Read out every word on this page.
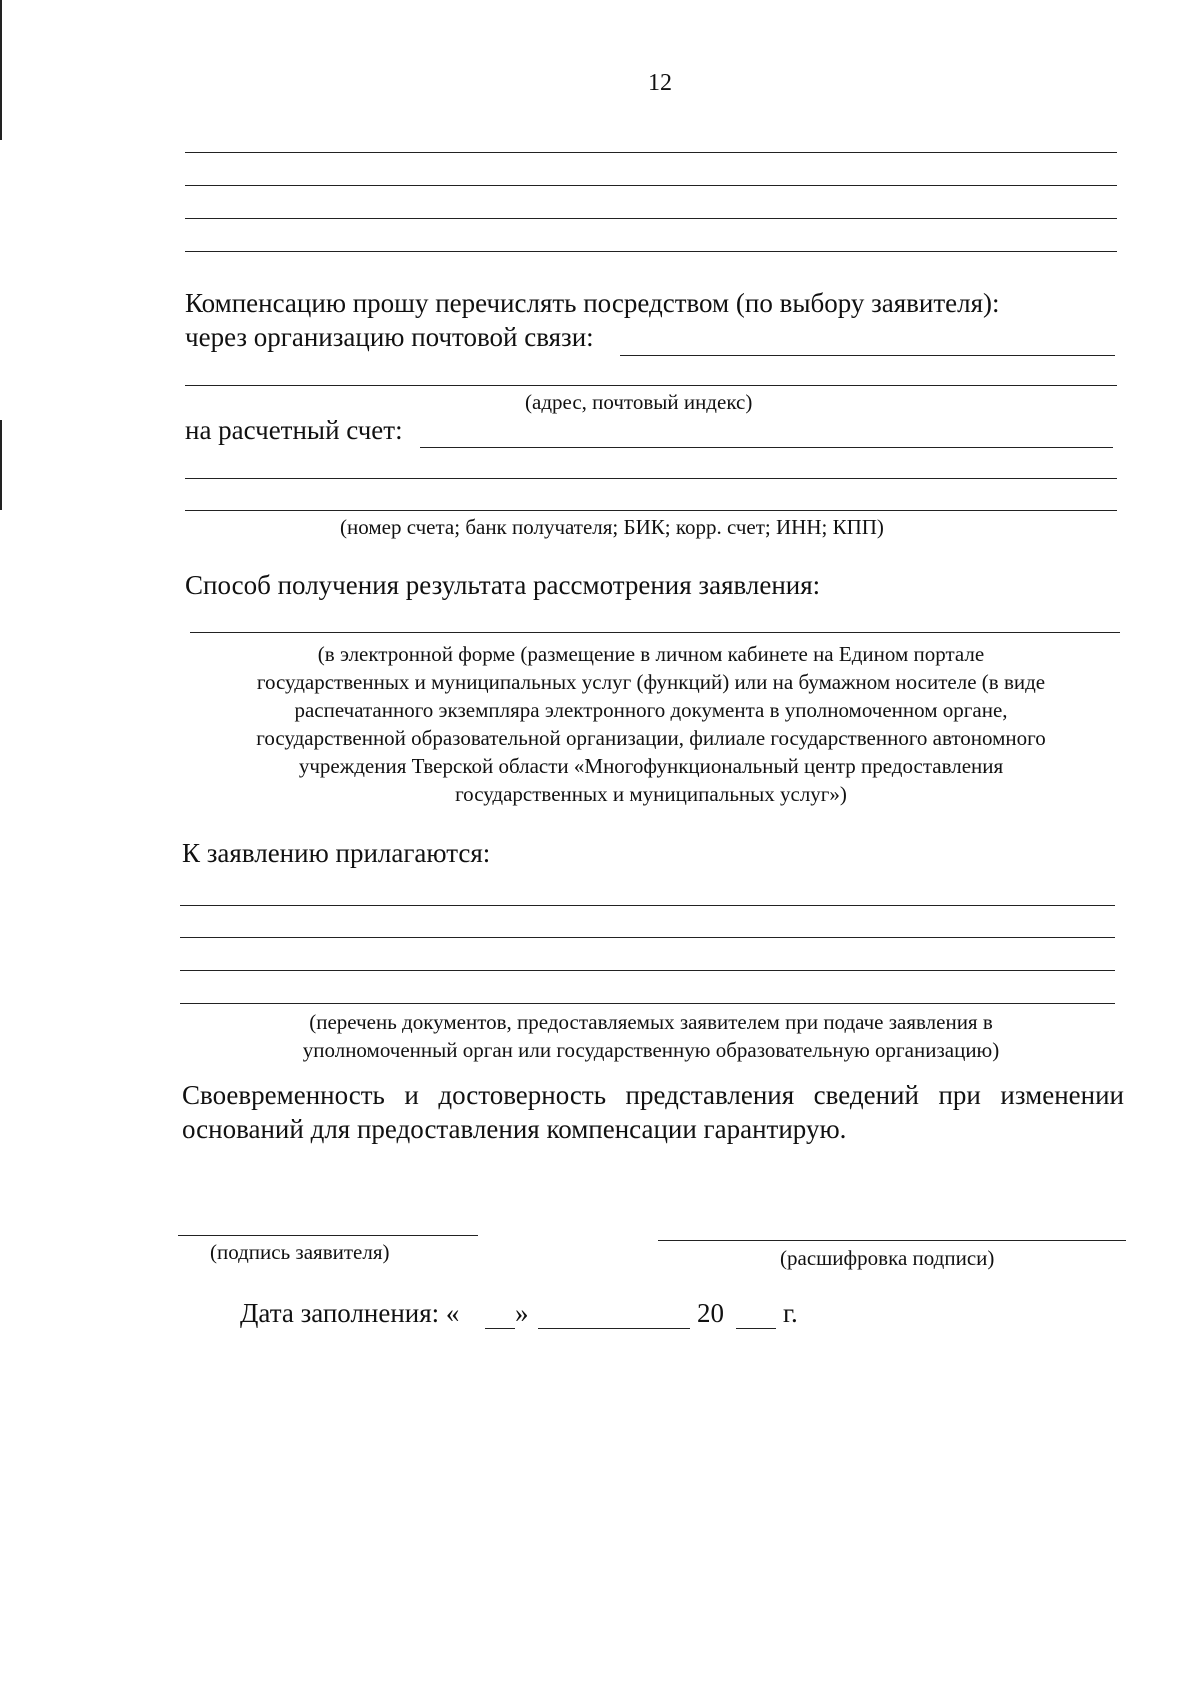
12
Компенсацию прошу перечислять посредством (по выбору заявителя):
через организацию почтовой связи:
(адрес, почтовый индекс)
на расчетный счет:
(номер счета; банк получателя; БИК; корр. счет; ИНН; КПП)
Способ получения результата рассмотрения заявления:
(в электронной форме (размещение в личном кабинете на Едином портале
государственных и муниципальных услуг (функций) или на бумажном носителе (в виде
распечатанного экземпляра электронного документа в уполномоченном органе,
государственной образовательной организации, филиале государственного автономного
учреждения Тверской области «Многофункциональный центр предоставления
государственных и муниципальных услуг»)
К заявлению прилагаются:
(перечень документов, предоставляемых заявителем при подаче заявления в
уполномоченный орган или государственную образовательную организацию)
Своевременность и достоверность представления сведений при изменении
оснований для предоставления компенсации гарантирую.
(подпись заявителя)	(расшифровка подписи)
Дата заполнения: « »	20 г.
